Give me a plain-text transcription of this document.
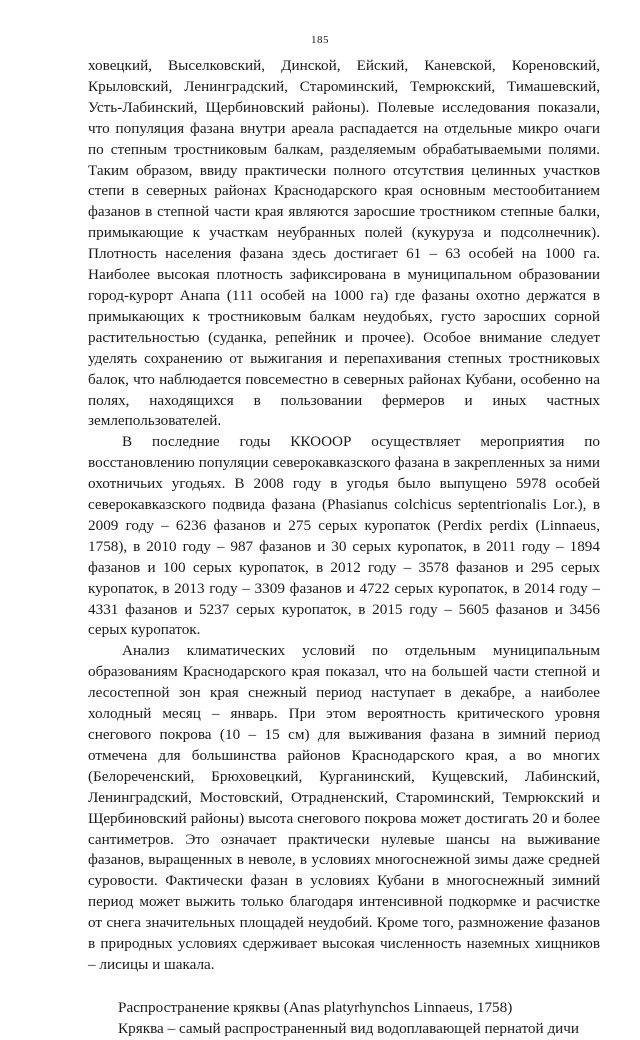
185

ховецкий, Выселковский, Динской, Ейский, Каневской, Кореновский, Крыловский, Ленинградский, Староминский, Темрюкский, Тимашевский, Усть-Лабинский, Щербиновский районы). Полевые исследования показали, что популяция фазана внутри ареала распадается на отдельные микро очаги по степным тростниковым балкам, разделяемым обрабатываемыми полями. Таким образом, ввиду практически полного отсутствия целинных участков степи в северных районах Краснодарского края основным местообитанием фазанов в степной части края являются заросшие тростником степные балки, примыкающие к участкам неубранных полей (кукуруза и подсолнечник). Плотность населения фазана здесь достигает 61 – 63 особей на 1000 га. Наиболее высокая плотность зафиксирована в муниципальном образовании город-курорт Анапа (111 особей на 1000 га) где фазаны охотно держатся в примыкающих к тростниковым балкам неудобьях, густо заросших сорной растительностью (суданка, репейник и прочее). Особое внимание следует уделять сохранению от выжигания и перепахивания степных тростниковых балок, что наблюдается повсеместно в северных районах Кубани, особенно на полях, находящихся в пользовании фермеров и иных частных землепользователей.

В последние годы ККОООР осуществляет мероприятия по восстановлению популяции северокавказского фазана в закрепленных за ними охотничьих угодьях. В 2008 году в угодья было выпущено 5978 особей северокавказского подвида фазана (Phasianus colchicus septentrionalis Lor.), в 2009 году – 6236 фазанов и 275 серых куропаток (Perdix perdix (Linnaeus, 1758), в 2010 году – 987 фазанов и 30 серых куропаток, в 2011 году – 1894 фазанов и 100 серых куропаток, в 2012 году – 3578 фазанов и 295 серых куропаток, в 2013 году – 3309 фазанов и 4722 серых куропаток, в 2014 году – 4331 фазанов и 5237 серых куропаток, в 2015 году – 5605 фазанов и 3456 серых куропаток.

Анализ климатических условий по отдельным муниципальным образованиям Краснодарского края показал, что на большей части степной и лесостепной зон края снежный период наступает в декабре, а наиболее холодный месяц – январь. При этом вероятность критического уровня снегового покрова (10 – 15 см) для выживания фазана в зимний период отмечена для большинства районов Краснодарского края, а во многих (Белореченский, Брюховецкий, Курганинский, Кущевский, Лабинский, Ленинградский, Мостовский, Отрадненский, Староминский, Темрюкский и Щербиновский районы) высота снегового покрова может достигать 20 и более сантиметров. Это означает практически нулевые шансы на выживание фазанов, выращенных в неволе, в условиях многоснежной зимы даже средней суровости. Фактически фазан в условиях Кубани в многоснежный зимний период может выжить только благодаря интенсивной подкормке и расчистке от снега значительных площадей неудобий. Кроме того, размножение фазанов в природных условиях сдерживает высокая численность наземных хищников – лисицы и шакала.

Распространение кряквы (Anas platyrhynchos Linnaeus, 1758)

Кряква – самый распространенный вид водоплавающей пернатой дичи
